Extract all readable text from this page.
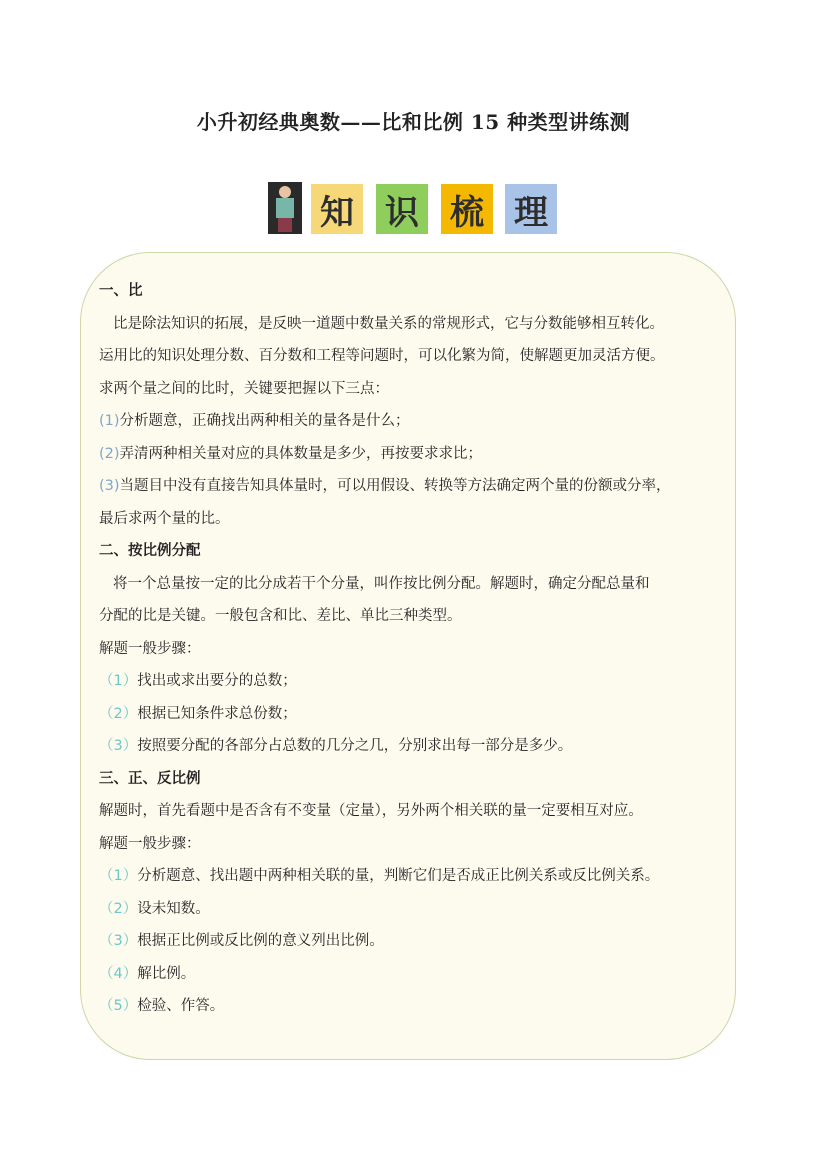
小升初经典奥数——比和比例 15 种类型讲练测
知 识 梳 理

一、比

比是除法知识的拓展，是反映一道题中数量关系的常规形式，它与分数能够相互转化。

运用比的知识处理分数、百分数和工程等问题时，可以化繁为简，使解题更加灵活方便。

求两个量之间的比时，关键要把握以下三点：

(1)分析题意，正确找出两种相关的量各是什么；

(2)弄清两种相关量对应的具体数量是多少，再按要求求比；

(3)当题目中没有直接告知具体量时，可以用假设、转换等方法确定两个量的份额或分率，

最后求两个量的比。

二、按比例分配

将一个总量按一定的比分成若干个分量，叫作按比例分配。解题时，确定分配总量和

分配的比是关键。一般包含和比、差比、单比三种类型。

解题一般步骤：

（1）找出或求出要分的总数；

（2）根据已知条件求总份数；

（3）按照要分配的各部分占总数的几分之几，分别求出每一部分是多少。

三、正、反比例

解题时，首先看题中是否含有不变量（定量），另外两个相关联的量一定要相互对应。

解题一般步骤：

（1）分析题意、找出题中两种相关联的量，判断它们是否成正比例关系或反比例关系。

（2）设未知数。

（3）根据正比例或反比例的意义列出比例。

（4）解比例。

（5）检验、作答。
